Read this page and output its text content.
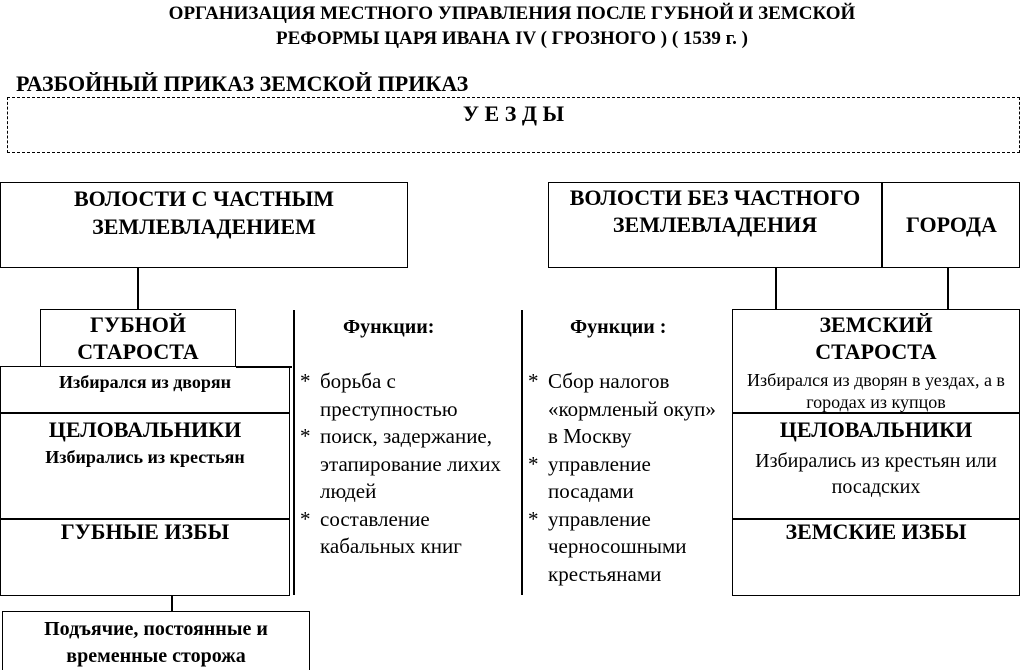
ОРГАНИЗАЦИЯ МЕСТНОГО УПРАВЛЕНИЯ ПОСЛЕ ГУБНОЙ И ЗЕМСКОЙ
РЕФОРМЫ ЦАРЯ ИВАНА IV ( ГРОЗНОГО ) ( 1539 г. )
РАЗБОЙНЫЙ ПРИКАЗ ЗЕМСКОЙ ПРИКАЗ
У Е З Д Ы
ВОЛОСТИ С ЧАСТНЫМ ЗЕМЛЕВЛАДЕНИЕМ
ГУБНОЙ СТАРОСТА
Избирался из дворян
ЦЕЛОВАЛЬНИКИ
Избирались из крестьян
ГУБНЫЕ ИЗБЫ
Подъячие, постоянные и временные сторожа
Функции:
* борьба с преступностью
* поиск, задержание, этапирование лихих людей
* составление кабальных книг
Функции :
* Сбор налогов «кормленый окуп» в Москву
* управление посадами
* управление черносошными крестьянами
ВОЛОСТИ БЕЗ ЧАСТНОГО ЗЕМЛЕВЛАДЕНИЯ	ГОРОДА
ЗЕМСКИЙ СТАРОСТА
Избирался из дворян в уездах, а в городах из купцов
ЦЕЛОВАЛЬНИКИ
Избирались из крестьян или посадских
ЗЕМСКИЕ ИЗБЫ
